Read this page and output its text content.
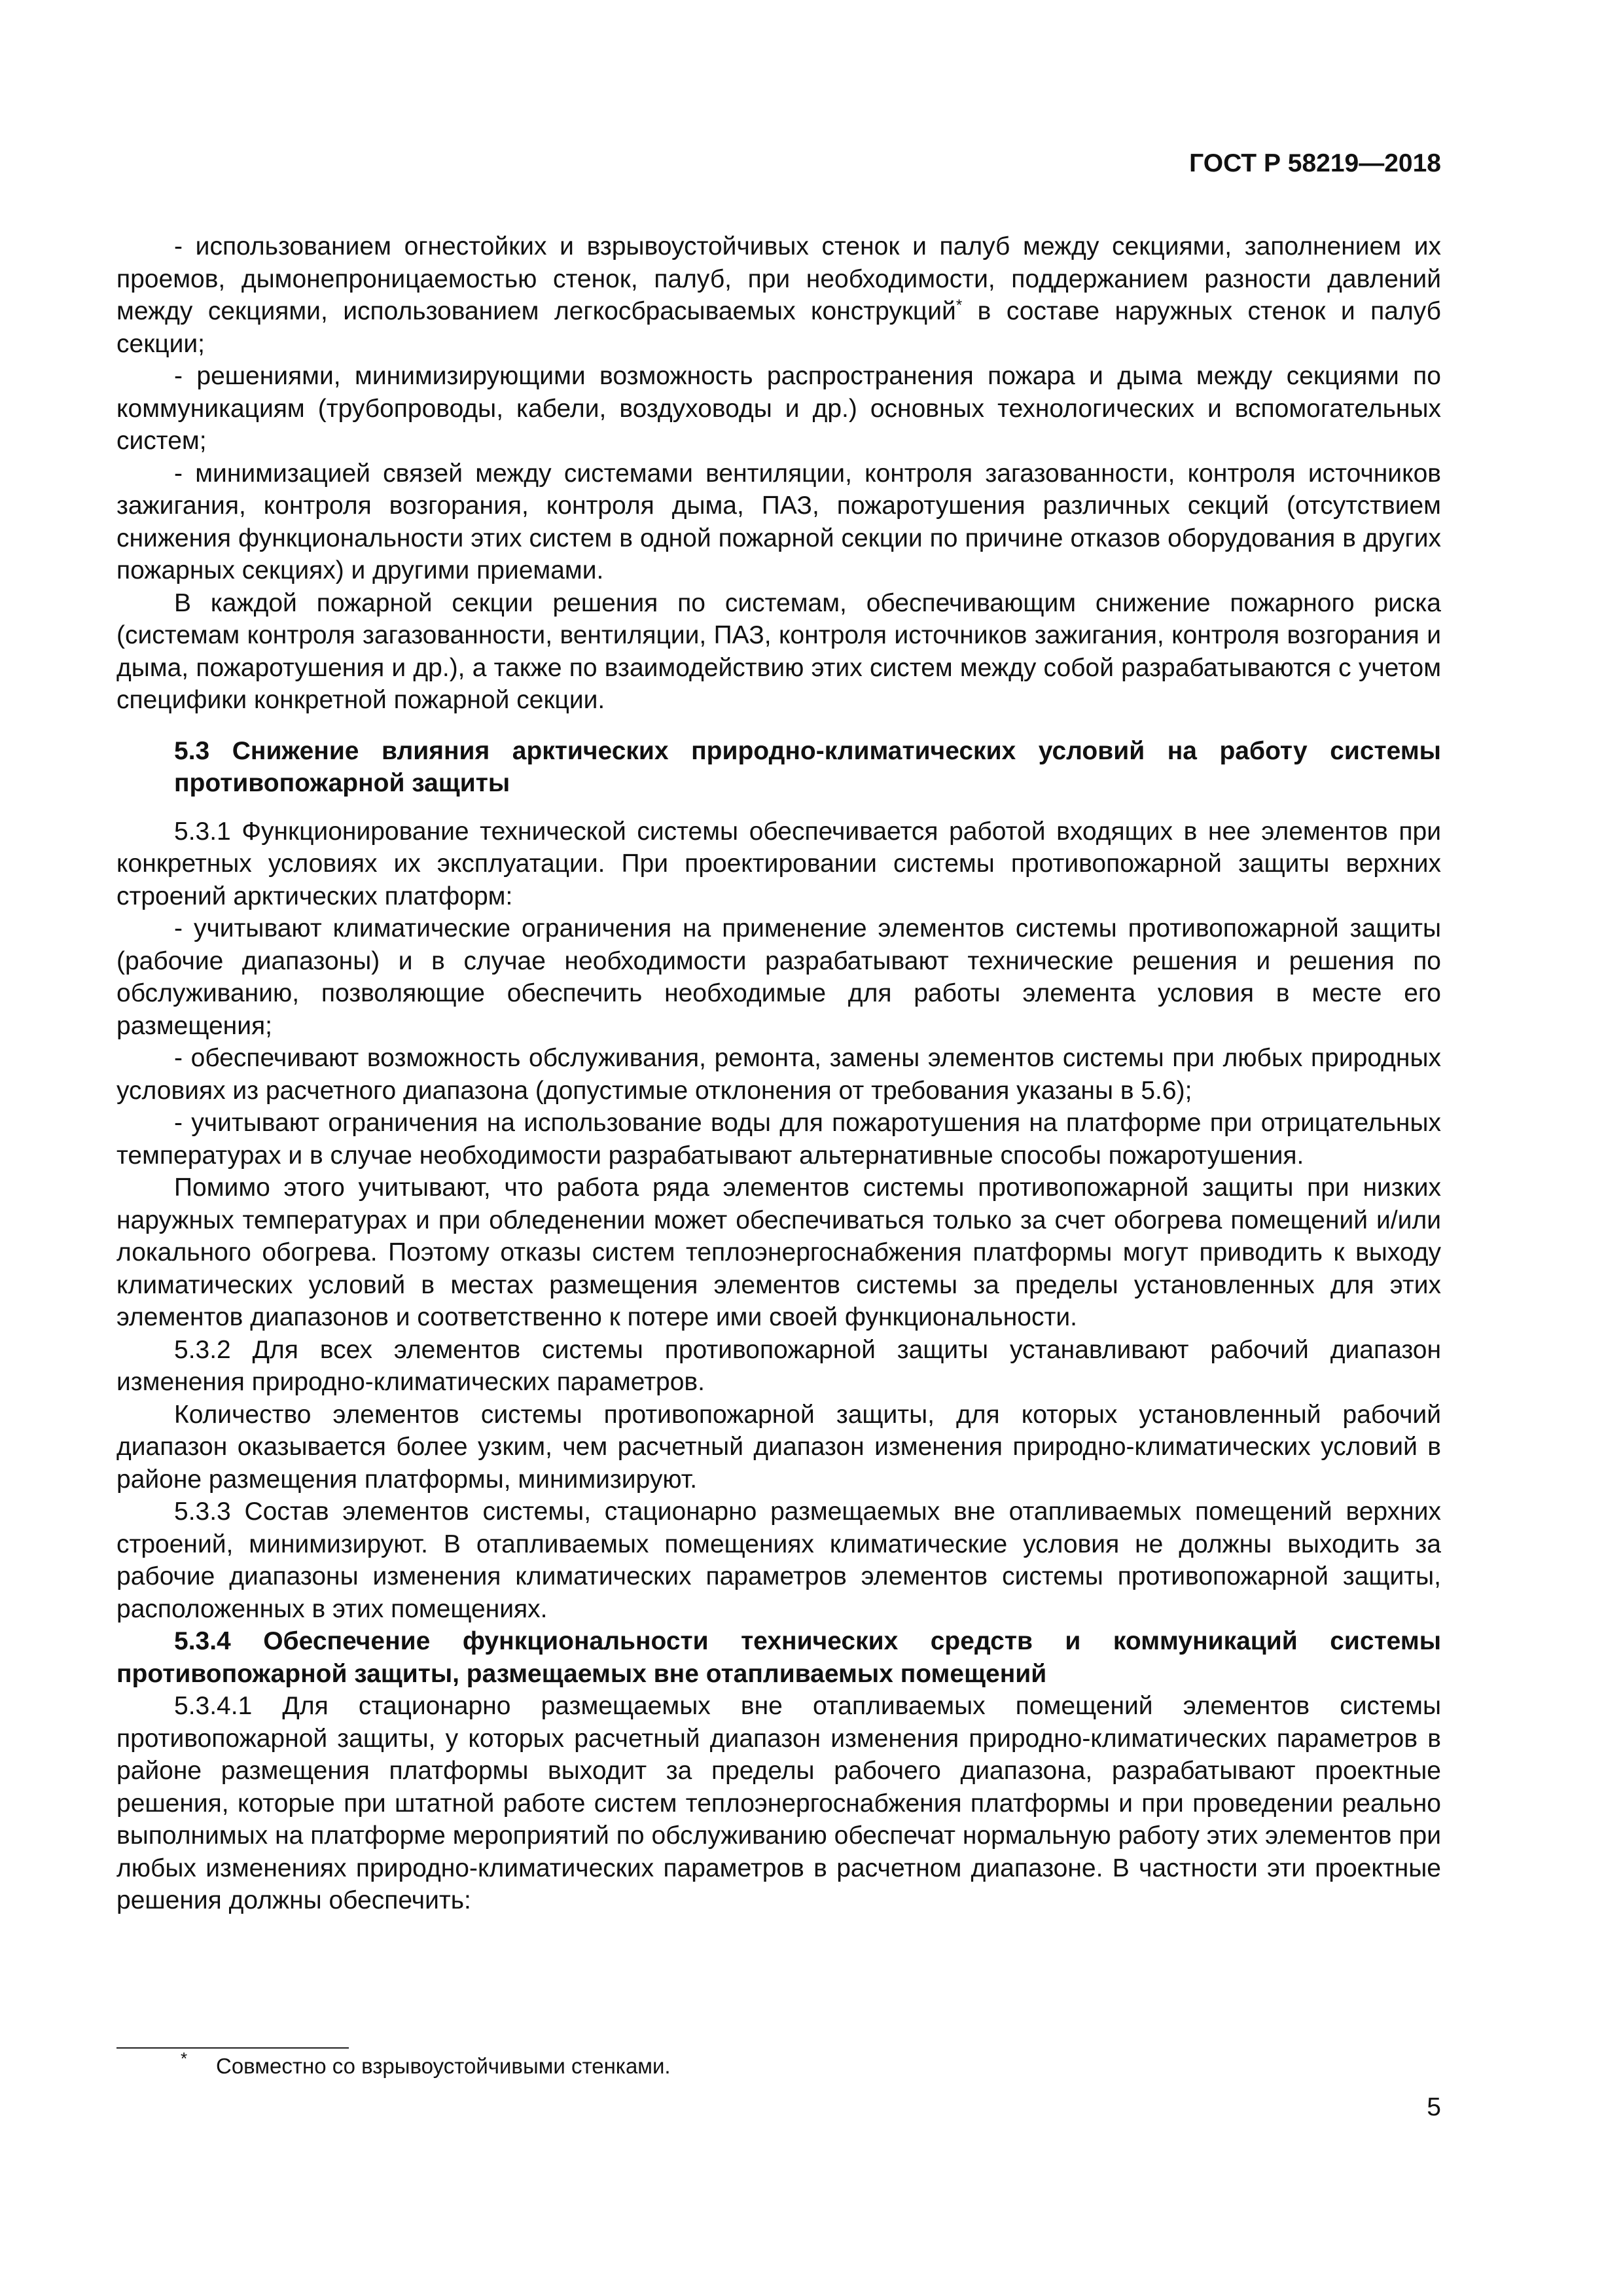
ГОСТ Р 58219—2018

- использованием огнестойких и взрывоустойчивых стенок и палуб между секциями, заполнением их проемов, дымонепроницаемостью стенок, палуб, при необходимости, поддержанием разности давлений между секциями, использованием легкосбрасываемых конструкций* в составе наружных стенок и палуб секции;

- решениями, минимизирующими возможность распространения пожара и дыма между секциями по коммуникациям (трубопроводы, кабели, воздуховоды и др.) основных технологических и вспомогательных систем;

- минимизацией связей между системами вентиляции, контроля загазованности, контроля источников зажигания, контроля возгорания, контроля дыма, ПАЗ, пожаротушения различных секций (отсутствием снижения функциональности этих систем в одной пожарной секции по причине отказов оборудования в других пожарных секциях) и другими приемами.

В каждой пожарной секции решения по системам, обеспечивающим снижение пожарного риска (системам контроля загазованности, вентиляции, ПАЗ, контроля источников зажигания, контроля возгорания и дыма, пожаротушения и др.), а также по взаимодействию этих систем между собой разрабатываются с учетом специфики конкретной пожарной секции.

5.3 Снижение влияния арктических природно-климатических условий на работу системы противопожарной защиты

5.3.1 Функционирование технической системы обеспечивается работой входящих в нее элементов при конкретных условиях их эксплуатации. При проектировании системы противопожарной защиты верхних строений арктических платформ:

- учитывают климатические ограничения на применение элементов системы противопожарной защиты (рабочие диапазоны) и в случае необходимости разрабатывают технические решения и решения по обслуживанию, позволяющие обеспечить необходимые для работы элемента условия в месте его размещения;

- обеспечивают возможность обслуживания, ремонта, замены элементов системы при любых природных условиях из расчетного диапазона (допустимые отклонения от требования указаны в 5.6);

- учитывают ограничения на использование воды для пожаротушения на платформе при отрицательных температурах и в случае необходимости разрабатывают альтернативные способы пожаротушения.

Помимо этого учитывают, что работа ряда элементов системы противопожарной защиты при низких наружных температурах и при обледенении может обеспечиваться только за счет обогрева помещений и/или локального обогрева. Поэтому отказы систем теплоэнергоснабжения платформы могут приводить к выходу климатических условий в местах размещения элементов системы за пределы установленных для этих элементов диапазонов и соответственно к потере ими своей функциональности.

5.3.2 Для всех элементов системы противопожарной защиты устанавливают рабочий диапазон изменения природно-климатических параметров.

Количество элементов системы противопожарной защиты, для которых установленный рабочий диапазон оказывается более узким, чем расчетный диапазон изменения природно-климатических условий в районе размещения платформы, минимизируют.

5.3.3 Состав элементов системы, стационарно размещаемых вне отапливаемых помещений верхних строений, минимизируют. В отапливаемых помещениях климатические условия не должны выходить за рабочие диапазоны изменения климатических параметров элементов системы противопожарной защиты, расположенных в этих помещениях.

5.3.4 Обеспечение функциональности технических средств и коммуникаций системы противопожарной защиты, размещаемых вне отапливаемых помещений

5.3.4.1 Для стационарно размещаемых вне отапливаемых помещений элементов системы противопожарной защиты, у которых расчетный диапазон изменения природно-климатических параметров в районе размещения платформы выходит за пределы рабочего диапазона, разрабатывают проектные решения, которые при штатной работе систем теплоэнергоснабжения платформы и при проведении реально выполнимых на платформе мероприятий по обслуживанию обеспечат нормальную работу этих элементов при любых изменениях природно-климатических параметров в расчетном диапазоне. В частности эти проектные решения должны обеспечить:

* Совместно со взрывоустойчивыми стенками.
5
